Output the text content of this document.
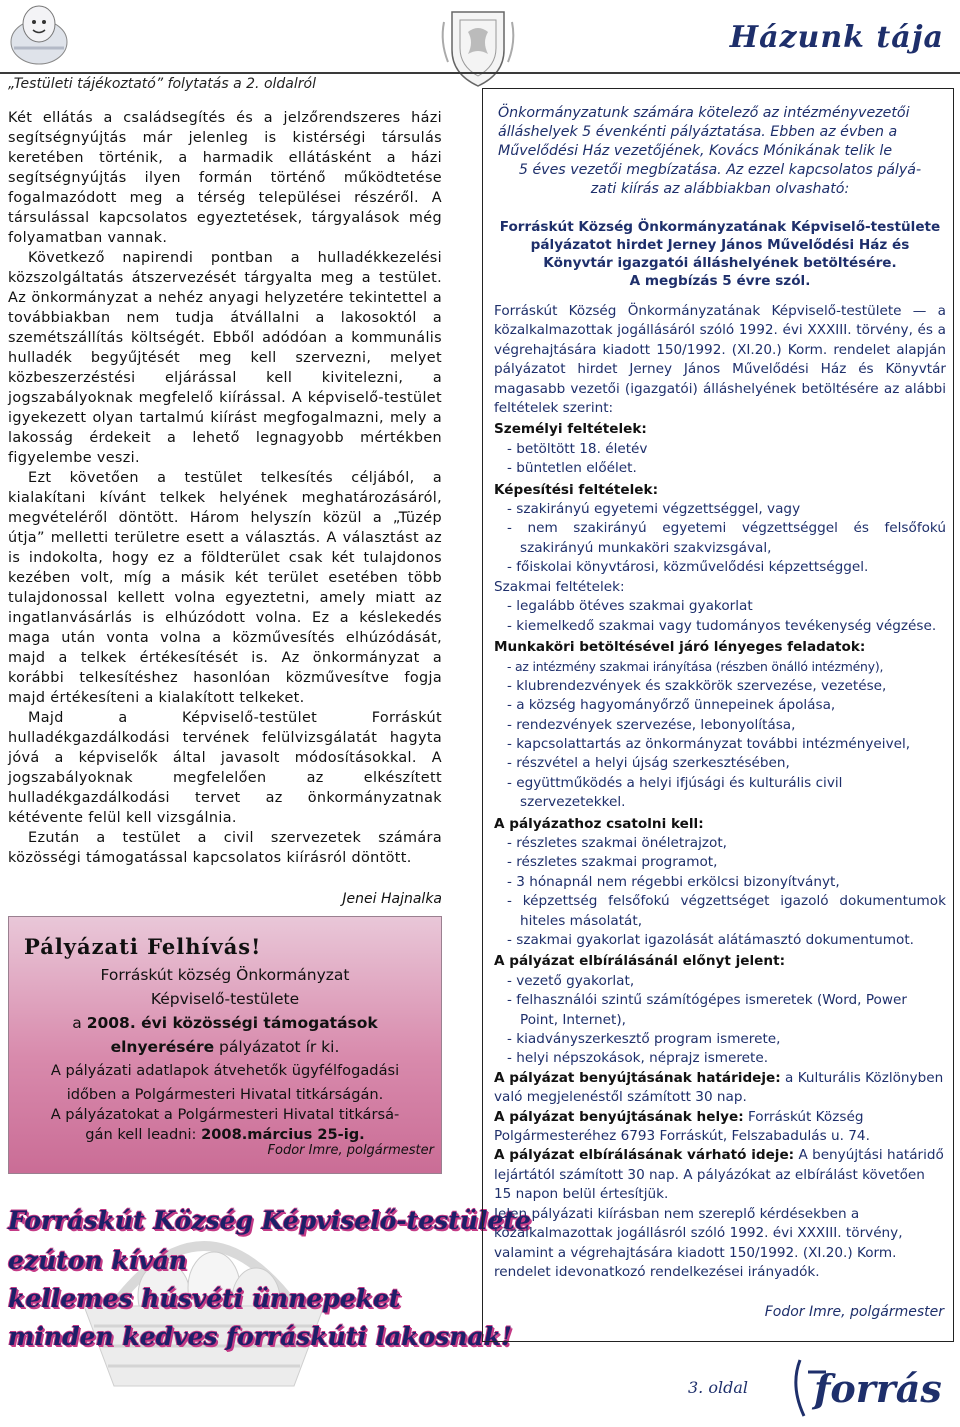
Házunk tája
„Testületi tájékoztató” folytatás a 2. oldalról

Két ellátás a családsegítés és a jelzőrendszeres házi segítségnyújtás már jelenleg is kistérségi társulás keretében történik, a harmadik ellátásként a házi segítségnyújtás ilyen formán történő működtetése fogalmazódott meg a térség települései részéről. A társulással kapcsolatos egyeztetések, tárgyalások még folyamatban vannak.

Következő napirendi pontban a hulladékkezelési közszolgáltatás átszervezését tárgyalta meg a testület. Az önkormányzat a nehéz anyagi helyzetére tekintettel a továbbiakban nem tudja átvállalni a lakosoktól a szemétszállítás költségét. Ebből adódóan a kommunális hulladék begyűjtését meg kell szervezni, melyet közbeszerzéstési eljárással kell kivitelezni, a jogszabályoknak megfelelő kiírással. A képviselő-testület igyekezett olyan tartalmú kiírást megfogalmazni, mely a lakosság érdekeit a lehető legnagyobb mértékben figyelembe veszi.

Ezt követően a testület telkesítés céljából, a kialakítani kívánt telkek helyének meghatározásáról, megvételéről döntött. Három helyszín közül a „Tüzép útja” melletti területre esett a választás. A választást az is indokolta, hogy ez a földterület csak két tulajdonos kezében volt, míg a másik két terület esetében több tulajdonossal kellett volna egyeztetni, amely miatt az ingatlanvásárlás is elhúzódott volna. Ez a késlekedés maga után vonta volna a közművesítés elhúzódását, majd a telkek értékesítését is. Az önkormányzat a korábbi telkesítéshez hasonlóan közművesítve fogja majd értékesíteni a kialakított telkeket.

Majd a Képviselő-testület Forráskút hulladékgazdálkodási tervének felülvizsgálatát hagyta jóvá a képviselők által javasolt módosításokkal. A jogszabályoknak megfelelően az elkészített hulladékgazdálkodási tervet az önkormányzatnak kétévente felül kell vizsgálnia.

Ezután a testület a civil szervezetek számára közösségi támogatással kapcsolatos kiírásról döntött.

Jenei Hajnalka
Pályázati Felhívás!
Forráskút község Önkormányzat
Képviselő-testülete
a 2008. évi közösségi támogatások
elnyerésére pályázatot ír ki.
A pályázati adatlapok átvehetők ügyfélfogadási
időben a Polgármesteri Hivatal titkárságán.
A pályázatokat a Polgármesteri Hivatal titkársá-
gán kell leadni: 2008.március 25-ig.
Fodor Imre, polgármester
Forráskút Község Képviselő-testülete
ezúton kíván
kellemes húsvéti ünnepeket
minden kedves forráskúti lakosnak!
Önkormányzatunk számára kötelező az intézményvezetői álláshelyek 5 évenkénti pályáztatása. Ebben az évben a Művelődési Ház vezetőjének, Kovács Mónikának telik le
5 éves vezetői megbízatása. Az ezzel kapcsolatos pályá-
zati kiírás az alábbiakban olvasható:
Forráskút Község Önkormányzatának Képviselő-testülete pályázatot hirdet Jerney János Művelődési Ház és Könyvtár igazgatói álláshelyének betöltésére.
A megbízás 5 évre szól.

Forráskút Község Önkormányzatának Képviselő-testülete — a közalkalmazottak jogállásáról szóló 1992. évi XXXIII. törvény, és a végrehajtására kiadott 150/1992. (XI.20.) Korm. rendelet alapján pályázatot hirdet Jerney János Művelődési Ház és Könyvtár magasabb vezetői (igazgatói) álláshelyének betöltésére az alábbi feltételek szerint:

Személyi feltételek:

- betöltött 18. életév
- büntetlen előélet.

Képesítési feltételek:

- szakirányú egyetemi végzettséggel, vagy
- nem szakirányú egyetemi végzettséggel és felsőfokú szakirányú munkaköri szakvizsgával,
- főiskolai könyvtárosi, közművelődési képzettséggel.

Szakmai feltételek:

- legalább ötéves szakmai gyakorlat
- kiemelkedő szakmai vagy tudományos tevékenység végzése.

Munkaköri betöltésével járó lényeges feladatok:

- az intézmény szakmai irányítása (részben önálló intézmény),
- klubrendezvények és szakkörök szervezése, vezetése,
- a község hagyományőrző ünnepeinek ápolása,
- rendezvények szervezése, lebonyolítása,
- kapcsolattartás az önkormányzat további intézményeivel,
- részvétel a helyi újság szerkesztésében,
- együttműködés a helyi ifjúsági és kulturális civil szervezetekkel.

A pályázathoz csatolni kell:

- részletes szakmai önéletrajzot,
- részletes szakmai programot,
- 3 hónapnál nem régebbi erkölcsi bizonyítványt,
- képzettség felsőfokú végzettséget igazoló dokumentumok hiteles másolatát,
- szakmai gyakorlat igazolását alátámasztó dokumentumot.

A pályázat elbírálásánál előnyt jelent:

- vezető gyakorlat,
- felhasználói szintű számítógépes ismeretek (Word, Power Point, Internet),
- kiadványszerkesztő program ismerete,
- helyi népszokások, néprajz ismerete.

A pályázat benyújtásának határideje: a Kulturális Közlönyben való megjelenéstől számított 30 nap.

A pályázat benyújtásának helye: Forráskút Község Polgármesteréhez 6793 Forráskút, Felszabadulás u. 74.

A pályázat elbírálásának várható ideje: A benyújtási határidő lejártától számított 30 nap. A pályázókat az elbírálást követően 15 napon belül értesítjük.

Jelen pályázati kiírásban nem szereplő kérdésekben a közalkalmazottak jogállásról szóló 1992. évi XXXIII. törvény, valamint a végrehajtására kiadott 150/1992. (XI.20.) Korm. rendelet idevonatkozó rendelkezései irányadók.

Fodor Imre, polgármester
3. oldal forrás
